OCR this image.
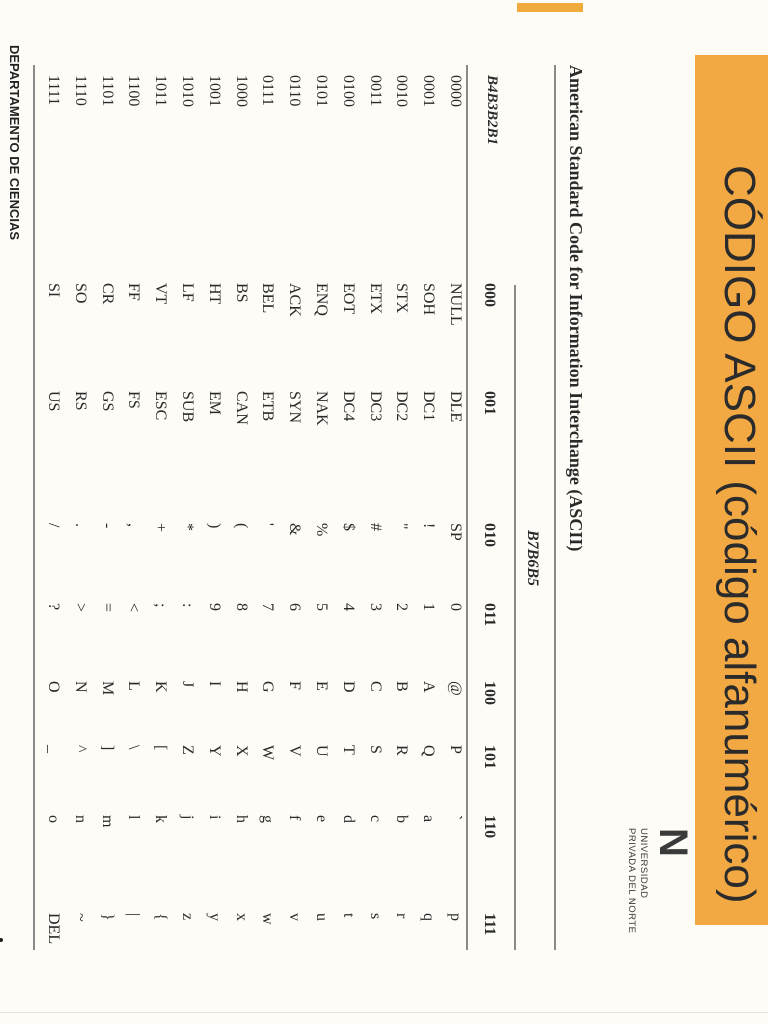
CÓDIGO ASCII (código alfanumérico)
N
UNIVERSIDAD
PRIVADA DEL NORTE
American Standard Code for Information Interchange (ASCII)
B7B6B5
B4B3B2B1
000
001
010
011
100
101
110
111
0000
NULL
DLE
SP
0
@
P
`
p
0001
SOH
DC1
!
1
A
Q
a
q
0010
STX
DC2
"
2
B
R
b
r
0011
ETX
DC3
#
3
C
S
c
s
0100
EOT
DC4
$
4
D
T
d
t
0101
ENQ
NAK
%
5
E
U
e
u
0110
ACK
SYN
&
6
F
V
f
v
0111
BEL
ETB
'
7
G
W
g
w
1000
BS
CAN
(
8
H
X
h
x
1001
HT
EM
)
9
I
Y
i
y
1010
LF
SUB
*
:
J
Z
j
z
1011
VT
ESC
+
;
K
[
k
{
1100
FF
FS
,
<
L
\
l
|
1101
CR
GS
-
=
M
]
m
}
1110
SO
RS
.
>
N
^
n
~
1111
SI
US
/
?
O
_
o
DEL
DEPARTAMENTO DE CIENCIAS
